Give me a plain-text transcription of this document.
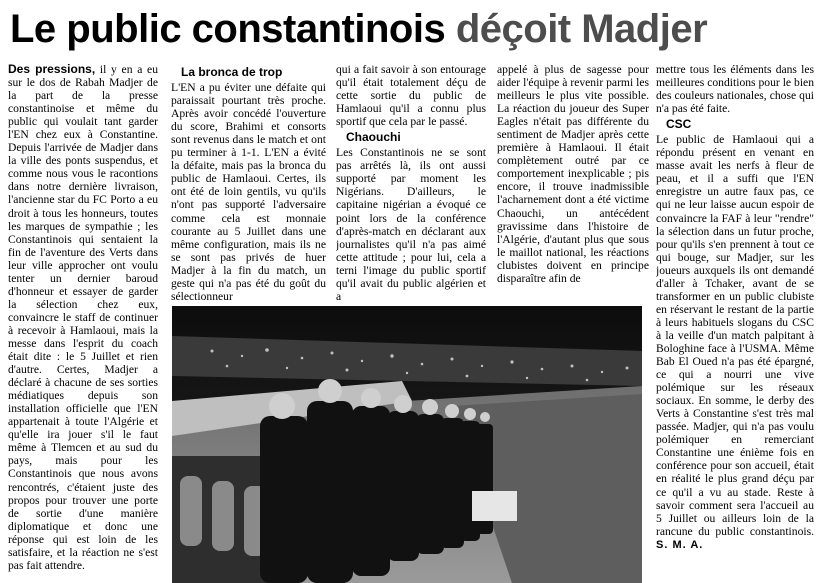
Le public constantinois déçoit Madjer

Des pressions, il y en a eu sur le dos de Rabah Madjer de la part de la presse constantinoise et même du public qui voulait tant garder l'EN chez eux à Constantine. Depuis l'arrivée de Madjer dans la ville des ponts suspendus, et comme nous vous le racontions dans notre dernière livraison, l'ancienne star du FC Porto a eu droit à tous les honneurs, toutes les marques de sympathie ; les Constantinois qui sentaient la fin de l'aventure des Verts dans leur ville approcher ont voulu tenter un dernier baroud d'honneur et essayer de garder la sélection chez eux, convaincre le staff de continuer à recevoir à Hamlaoui, mais la messe dans l'esprit du coach était dite : le 5 Juillet et rien d'autre. Certes, Madjer a déclaré à chacune de ses sorties médiatiques depuis son installation officielle que l'EN appartenait à toute l'Algérie et qu'elle ira jouer s'il le faut même à Tlemcen et au sud du pays, mais pour les Constantinois que nous avons rencontrés, c'étaient juste des propos pour trouver une porte de sortie d'une manière diplomatique et donc une réponse qui est loin de les satisfaire, et la réaction ne s'est pas fait attendre.

La bronca de trop

L'EN a pu éviter une défaite qui paraissait pourtant très proche. Après avoir concédé l'ouverture du score, Brahimi et consorts sont revenus dans le match et ont pu terminer à 1-1. L'EN a évité la défaite, mais pas la bronca du public de Hamlaoui. Certes, ils ont été de loin gentils, vu qu'ils n'ont pas supporté l'adversaire comme cela est monnaie courante au 5 Juillet dans une même configuration, mais ils ne se sont pas privés de huer Madjer à la fin du match, un geste qui n'a pas été du goût du sélectionneur

qui a fait savoir à son entourage qu'il était totalement déçu de cette sortie du public de Hamlaoui qu'il a connu plus sportif que cela par le passé.

Chaouchi

Les Constantinois ne se sont pas arrêtés là, ils ont aussi supporté par moment les Nigérians. D'ailleurs, le capitaine nigérian a évoqué ce point lors de la conférence d'après-match en déclarant aux journalistes qu'il n'a pas aimé cette attitude ; pour lui, cela a terni l'image du public sportif qu'il avait du public algérien et a

appelé à plus de sagesse pour aider l'équipe à revenir parmi les meilleurs le plus vite possible. La réaction du joueur des Super Eagles n'était pas différente du sentiment de Madjer après cette première à Hamlaoui. Il était complètement outré par ce comportement inexplicable ; pis encore, il trouve inadmissible l'acharnement dont a été victime Chaouchi, un antécédent gravissime dans l'histoire de l'Algérie, d'autant plus que sous le maillot national, les réactions clubistes doivent en principe disparaître afin de

mettre tous les éléments dans les meilleures conditions pour le bien des couleurs nationales, chose qui n'a pas été faite.

CSC

Le public de Hamlaoui qui a répondu présent en venant en masse avait les nerfs à fleur de peau, et il a suffi que l'EN enregistre un autre faux pas, ce qui ne leur laisse aucun espoir de convaincre la FAF à leur "rendre" la sélection dans un futur proche, pour qu'ils s'en prennent à tout ce qui bouge, sur Madjer, sur les joueurs auxquels ils ont demandé d'aller à Tchaker, avant de se transformer en un public clubiste en réservant le restant de la partie à leurs habituels slogans du CSC à la veille d'un match palpitant à Bologhine face à l'USMA. Même Bab El Oued n'a pas été épargné, ce qui a nourri une vive polémique sur les réseaux sociaux. En somme, le derby des Verts à Constantine s'est très mal passée. Madjer, qui n'a pas voulu polémiquer en remerciant Constantine une énième fois en conférence pour son accueil, était en réalité le plus grand déçu par ce qu'il a vu au stade. Reste à savoir comment sera l'accueil au 5 Juillet ou ailleurs loin de la rancune du public constantinois. S. M. A.
